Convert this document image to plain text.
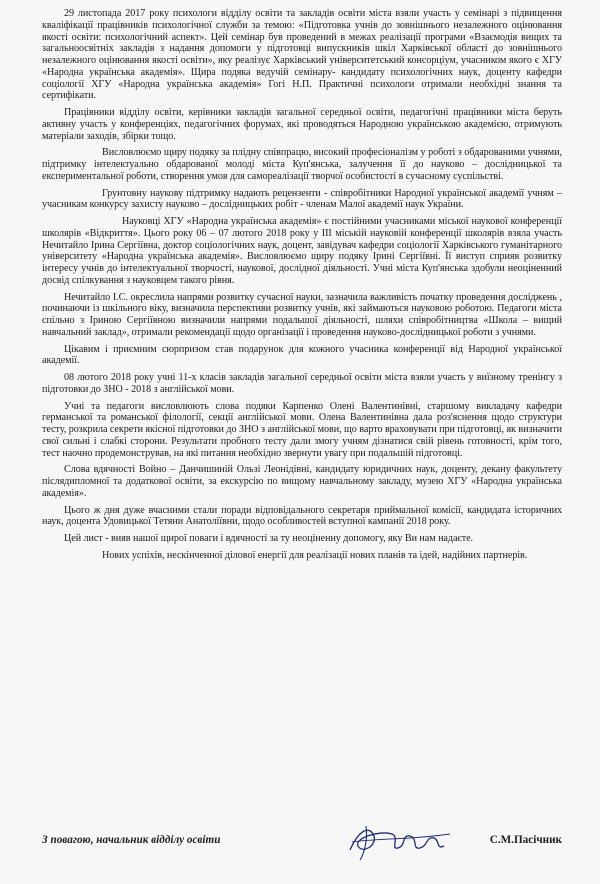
29 листопада 2017 року психологи відділу освіти та закладів освіти міста взяли участь у семінарі з підвищення кваліфікації працівників психологічної служби за темою: «Підготовка учнів до зовнішнього незалежного оцінювання якості освіти: психологічний аспект». Цей семінар був проведений в межах реалізації програми «Взаємодія вищих та загальноосвітніх закладів з надання допомоги у підготовці випускників шкіл Харківської області до зовнішнього незалежного оцінювання якості освіти», яку реалізує Харківський університетський консорціум, учасником якого є ХГУ «Народна українська академія». Щира подяка ведучій семінару- кандидату психологічних наук, доценту кафедри соціології ХГУ «Народна українська академія» Гогі Н.П. Практичні психологи отримали необхідні знання та сертифікати.

Працівники відділу освіти, керівники закладів загальної середньої освіти, педагогічні працівники міста беруть активну участь у конференціях, педагогічних форумах, які проводяться Народною українською академією, отримують матеріали заходів, збірки тощо.

Висловлюємо щиру подяку за плідну співпрацю, високий професіоналізм у роботі з обдарованими учнями, підтримку інтелектуально обдарованої молоді міста Куп'янська, залучення її до науково – дослідницької та експериментальної роботи, створення умов для самореалізації творчої особистості в сучасному суспільстві.

Грунтовну наукову підтримку надають рецензенти - співробітники Народної української академії учням – учасникам конкурсу захисту науково – дослідницьких робіт - членам Малої академії наук України.

Науковці ХГУ «Народна українська академія» є постійними учасниками міської наукової конференції школярів «Відкриття». Цього року 06 – 07 лютого 2018 року у ІІІ міській науковій конференції школярів взяла участь Нечитайло Ірина Сергіївна, доктор соціологічних наук, доцент, завідувач кафедри соціології Харківського гуманітарного університету «Народна українська академія». Висловлюємо щиру подяку Ірині Сергіївні. Її виступ сприяв розвитку інтересу учнів до інтелектуальної творчості, наукової, дослідної діяльності. Учні міста Куп'янська здобули неоціненний досвід спілкування з науковцем такого рівня.

Нечитайло І.С. окреслила напрями розвитку сучасної науки, зазначила важливість початку проведення досліджень , починаючи із шкільного віку, визначила перспективи розвитку учнів, які займаються науковою роботою. Педагоги міста спільно з Іриною Сергіївною визначили напрями подальшої діяльності, шляхи співробітництва «Школа – вищий навчальний заклад», отримали рекомендації щодо організації і проведення науково-дослідницької роботи з учнями.

Цікавим і приємним сюрпризом став подарунок для кожного учасника конференції від Народної української академії.

08 лютого 2018 року учні 11-х класів закладів загальної середньої освіти міста взяли участь у виїзному тренінгу з підготовки до ЗНО - 2018 з англійської мови.

Учні та педагоги висловлюють слова подяки Карпенко Олені Валентинівні, старшому викладачу кафедри германської та романської філології, секції англійської мови. Олена Валентинівна дала роз'яснення щодо структури тесту, розкрила секрети якісної підготовки до ЗНО з англійської мови, що варто враховувати при підготовці, як визначити свої сильні і слабкі сторони. Результати пробного тесту дали змогу учням дізнатися свій рівень готовності, крім того, тест наочно продемонстрував, на які питання необхідно звернути увагу при подальшій підготовці.

Слова вдячності Войно – Данчишиній Ользі Леонідівні, кандидату юридичних наук, доценту, декану факультету післядипломної та додаткової освіти, за екскурсію по вищому навчальному закладу, музею ХГУ «Народна українська академія».

Цього ж дня дуже вчасними стали поради відповідального секретаря приймальної комісії, кандидата історичних наук, доцента Удовицької Тетяни Анатоліївни, щодо особливостей вступної кампанії 2018 року.

Цей лист - вияв нашої щирої поваги і вдячності за ту неоціненну допомогу, яку Ви нам надаєте.

Нових успіхів, нескінченної ділової енергії для реалізації нових планів та ідей, надійних партнерів.

З повагою, начальник відділу освіти	С.М.Пасічник
